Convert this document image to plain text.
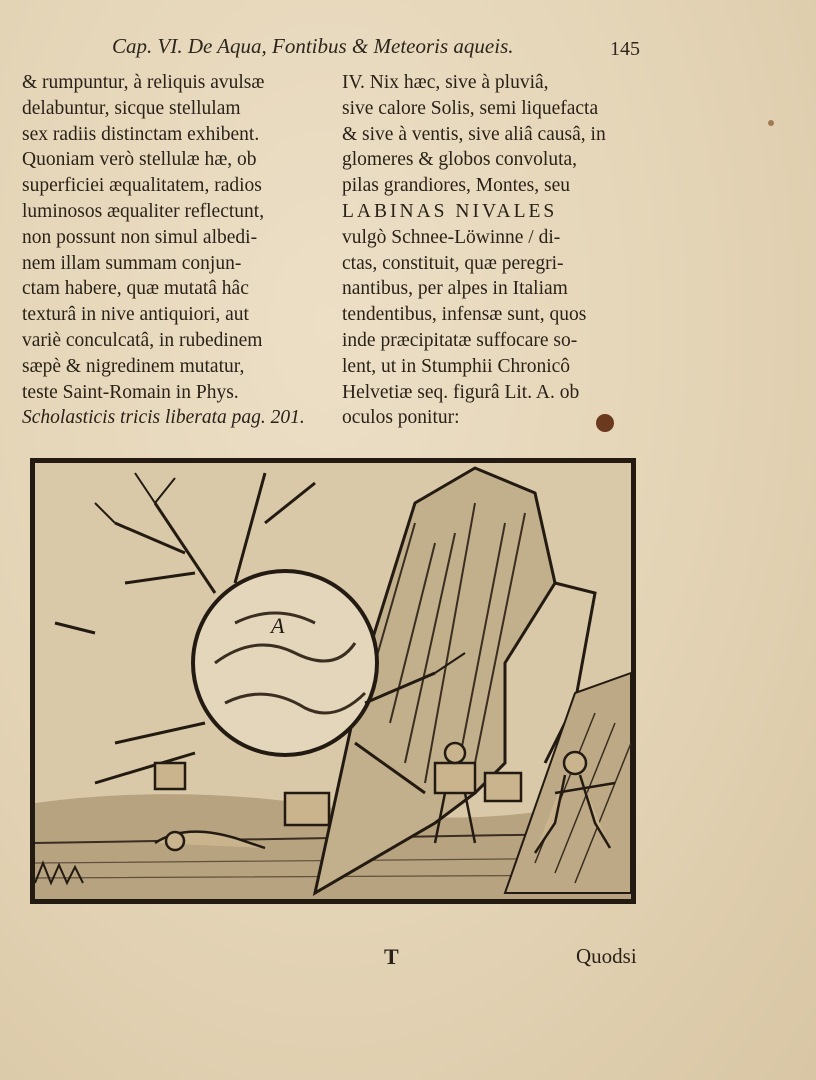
Cap. VI. De Aqua, Fontibus & Meteoris aqueis.	145
& rumpuntur, à reliquis avulsæ
delabuntur, sicque stellulam
sex radiis distinctam exhibent.
Quoniam verò stellulæ hæ, ob
superficiei æqualitatem, radios
luminosos æqualiter reflectunt,
non possunt non simul albedi-
nem illam summam conjun-
ctam habere, quæ mutatâ hâc
texturâ in nive antiquiori, aut
variè conculcatâ, in rubedinem
sæpè & nigredinem mutatur,
teste Saint-Romain in Phys.
Scholasticis tricis liberata pag. 201.
IV. Nix hæc, sive à pluviâ,
sive calore Solis, semi liquefacta
& sive à ventis, sive aliâ causâ, in
glomeres & globos convoluta,
pilas grandiores, Montes, seu
LABINAS NIVALES
vulgò Schnee-Löwinne / di-
ctas, constituit, quæ peregri-
nantibus, per alpes in Italiam
tendentibus, infensæ sunt, quos
inde præcipitatæ suffocare so-
lent, ut in Stumphii Chronicô
Helvetiæ seq. figurâ Lit. A. ob
oculos ponitur:
A
T	Quodsi
